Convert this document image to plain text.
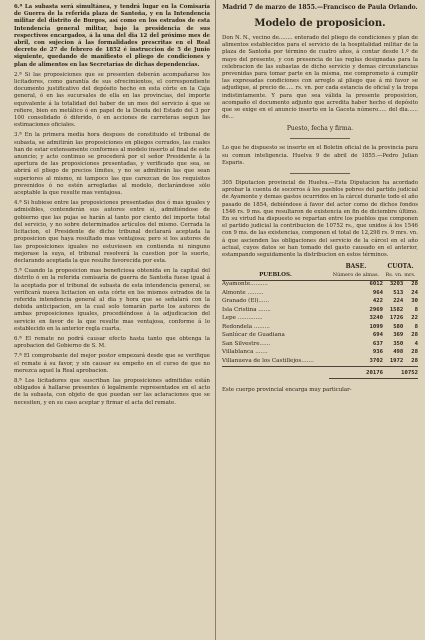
6.ª La subasta será simultánea, y tendrá lugar en la Comisaría de Guerra de la referida plaza de Santoña, y en la Intendencia militar del distrito de Burgos, así como en los estrados de esta Intendencia general militar, bajo la presidencia de sus respectivos encargados, á la una del dia 12 del próximo mes de abril, con sujecion á las formalidades prescritas en el Real decreto de 27 de febrero de 1852 é instruccion de 5 de Junio siguiente, quedando de manifiesto el pliego de condiciones y plan de alimentos en las Secretarías de dichas dependencias.

2.ª Si las proposiciones que se presenten deberán acompañarse los licitadores, como garantía de sus ofrecimientos, el correspondiente documento justificativo del depósito hecho en esta córte en la Caja general, ó en las sucursales de ella en las provincias, del importe equivalente á la totalidad del haber de un mes del servicio á que se refiere, bien en metálico ó en papel de la Deuda del Estado del 3 por 100 consolidado ó diferido, ó en acciones de carreteras segun las estimaciones oficiales.

3.ª En la primera media hora despues de constituido el tribunal de subasta, se admitirán las proposiciones en pliegos cerrados, las cuales han de estar extensamente conformes al modelo inserto al final de este anuncio; y acto continuo se procederá por el señor Presidente á la apertura de las proposiciones presentadas, y verificado que sea, se abrirá el pliego de precios límites, y no se admitirán las que sean superiores al mismo, ni tampoco las que carezcan de los requisitos prevenidos ó no estén arregladas al modelo, declarándose sólo aceptable la que resulte mas ventajosa.

4.ª Si hubiese entre las proposiciones presentadas dos ó mas iguales y admisibles, contenderán sus autores entre sí, admitiéndose de gobierno que las pujas se harán al tanto por ciento del importe total del servicio, y no sobre determinados artículos del mismo. Cerrada la licitacion, el Presidente de dicho tribunal declarará aceptada la proposicion que haya resultado mas ventajosa; pero si los autores de las proposiciones iguales no estuviesen en contienda ni ninguno mejorase la suya, el tribunal resolverá la cuestion por la suerte, declarando aceptada la que resulte favorecida por esta.

5.ª Cuando la proposicion mas beneficiosa obtenida en la capital del distrito ó en la referida comisaría de guerra de Santoña fuese igual á la aceptada por el tribunal de subasta de esta intendencia general, se verificará nueva licitacion en esta córte en los mismos estrados de la referida intendencia general al dia y hora que se señalará con la debida anticipacion, en la cual solo tomarán parte los autores de ambas proposiciones iguales, procediéndose á la adjudicacion del servicio en favor de la que resulte mas ventajosa, conforme á lo establecido en la anterior regla cuarta.

6.ª El remate no podrá causar efecto hasta tanto que obtenga la aprobacion del Gobierno de S. M.

7.ª El comprobante del mejor postor empezará desde que se verifique el remate á su favor, y sin causar su empeño en el curso de que no merezca aquel la Real aprobacion.

8.ª Los licitadores que suscriban las proposiciones admitidas están obligados á hallarse presentes ó legalmente representados en el acto de la subasta, con objeto de que puedan ser las aclaraciones que se necesiten, y en su caso aceptar y firmar el acta del remate.

Madrid 7 de marzo de 1855.—Francisco de Paula Orlando.

Modelo de proposicion.

Don N. N., vecino de........ enterado del pliego de condiciones y plan de alimentos establecidos para el servicio de la hospitalidad militar de la plaza de Santoña por término de cuatro años, á contar desde 1.º de mayo del presente, y con presencia de las reglas designadas para la celebracion de las subastas de dicho servicio y demas circunstancias prevenidas para tomar parte en la misma, me comprometo á cumplir las expresadas condiciones con arreglo al pliego que á mi favor se adjudique, al precio de..... rs. vn. por cada estancia de oficial y la tropa indistintamente. Y para que sea válida la presente proposicion, acompaño el documento adjunto que acredita haber hecho el depósito que se exige en el anuncio inserto en la Gaceta número..... del dia...... de...

Puesto, fecha y firma.

Lo que he dispuesto se inserte en el Boletin oficial de la provincia para su comun inteligencia. Huelva 9 de abril de 1855.—Pedro Julian Esparis.

305 Diputacion provincial de Huelva.—Esta Diputacion ha acordado aprobar la cuenta de socorros á los pueblos pobres del partido judicial de Ayamonte y demas gastos ocurridos en la cárcel durante todo el año pasado de 1854, debiéndose á favor del actor como de dichos fondos 1546 rs. 9 ms. que resultaron de existencia en fin de diciembre último. En su virtud ha dispuesto se repartan entre los pueblos que componen el partido judicial la contribucion de 10752 rs., que unidos á los 1546 con 9 ms. de las existencias, componen el total de 12,298 rs. 9 mrs. vn. á que ascienden las obligaciones del servicio de la cárcel en el año actual, cuyos datos se han tomado del gasto causado en el anterior, estampando seguidamente la distribucion en estos términos.

	BASE.	CUOTA.	
PUEBLOS.	Número de almas.	Rs. vn. mrs.	
Ayamonte..........	6012	3203	28
Almonte .........	964	513	24
Granado (El)......	422	224	30
Isla Cristina .......	2969	1582	8
Lepe ..............	3240	1726	22
Redondela .........	1099	580	8
Sanlúcar de Guadiana	694	369	28
San Silvestre......	637	350	4
Villablanca .......	936	498	28
Villanueva de los Castillejos.......	3702	1972	28
	20176	10752	

Este cuerpo provincial encarga muy particular-
